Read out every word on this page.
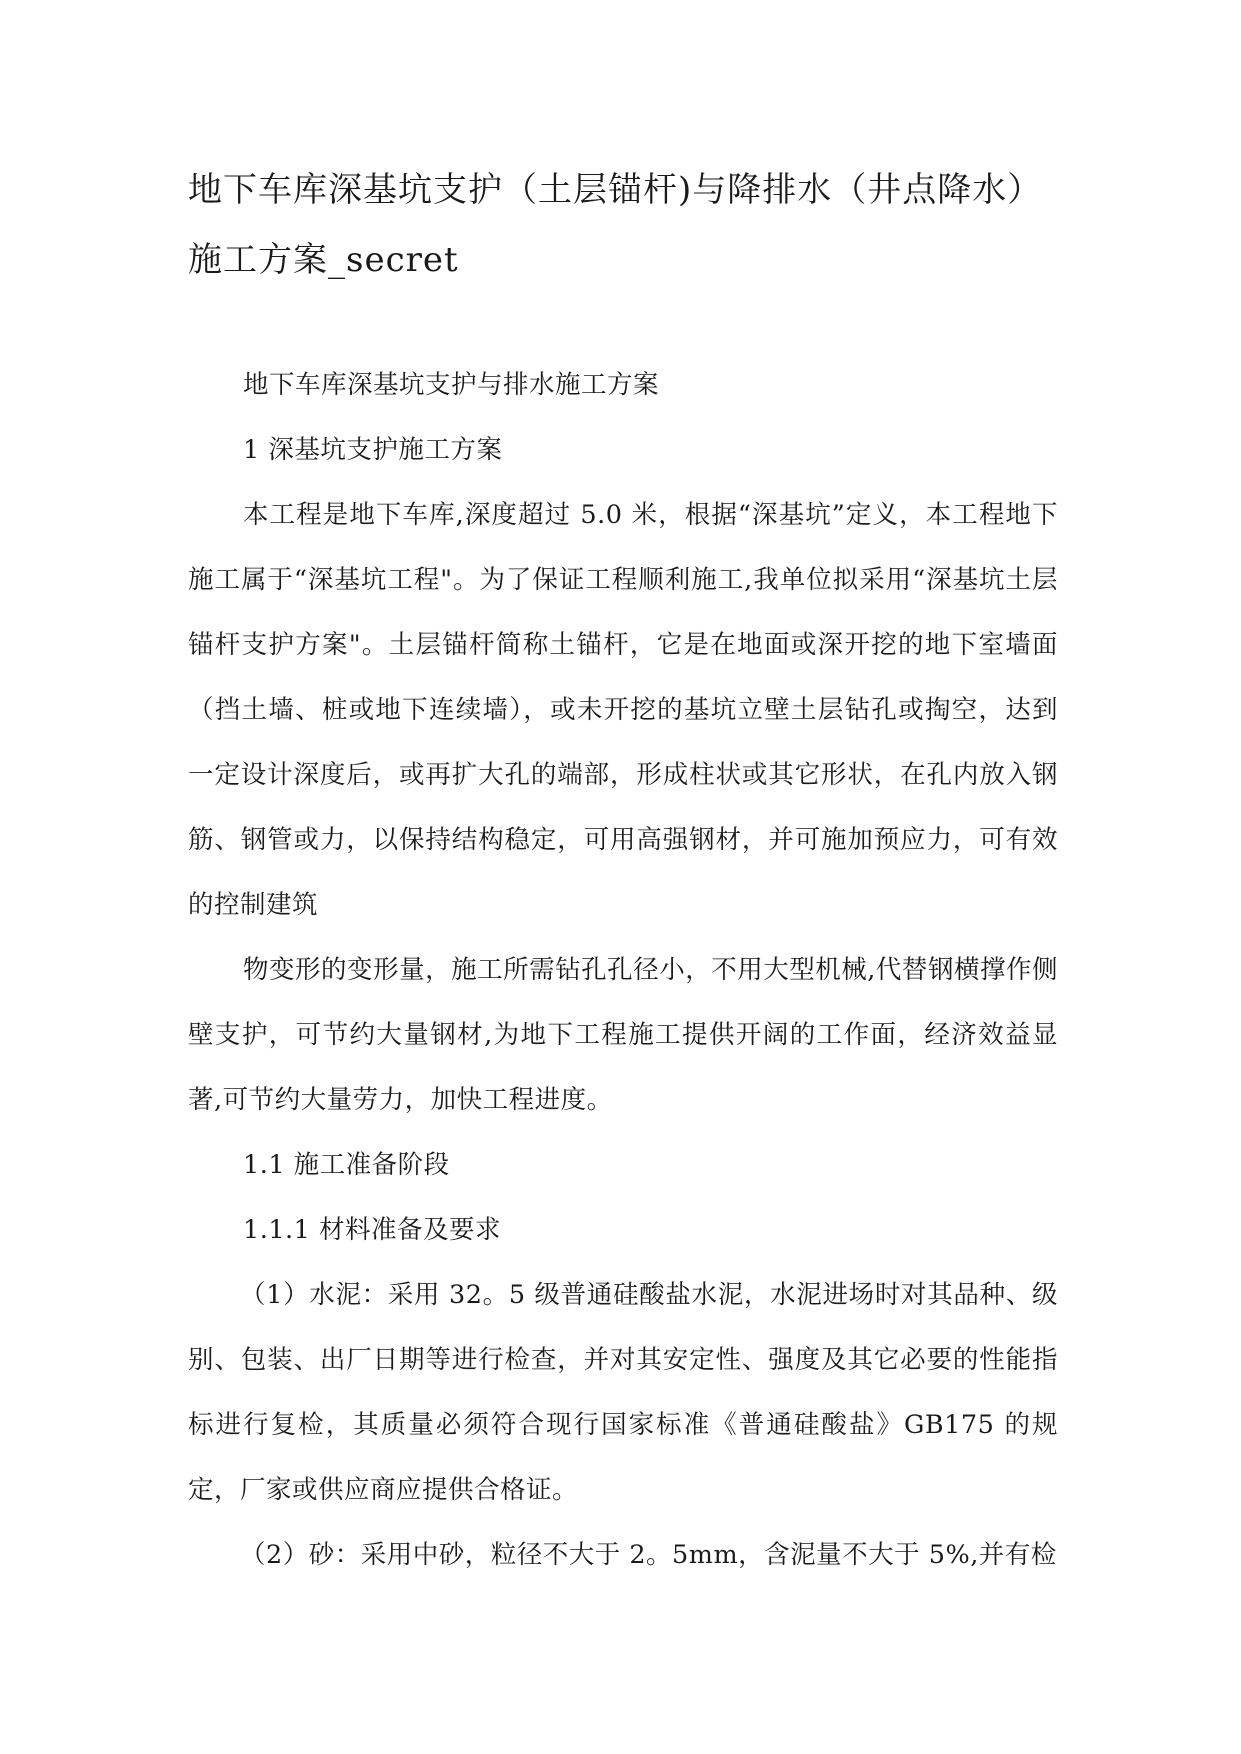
地下车库深基坑支护（土层锚杆)与降排水（井点降水）施工方案_secret

地下车库深基坑支护与排水施工方案

1 深基坑支护施工方案

本工程是地下车库,深度超过 5.0 米，根据“深基坑”定义，本工程地下施工属于“深基坑工程"。为了保证工程顺利施工,我单位拟采用“深基坑土层锚杆支护方案"。土层锚杆简称土锚杆，它是在地面或深开挖的地下室墙面（挡土墙、桩或地下连续墙），或未开挖的基坑立壁土层钻孔或掏空，达到一定设计深度后，或再扩大孔的端部，形成柱状或其它形状，在孔内放入钢筋、钢管或力，以保持结构稳定，可用高强钢材，并可施加预应力，可有效的控制建筑

物变形的变形量，施工所需钻孔孔径小，不用大型机械,代替钢横撑作侧壁支护，可节约大量钢材,为地下工程施工提供开阔的工作面，经济效益显著,可节约大量劳力，加快工程进度。

1.1 施工准备阶段

1.1.1 材料准备及要求

（1）水泥：采用 32。5 级普通硅酸盐水泥，水泥进场时对其品种、级别、包装、出厂日期等进行检查，并对其安定性、强度及其它必要的性能指标进行复检，其质量必须符合现行国家标准《普通硅酸盐》GB175 的规定，厂家或供应商应提供合格证。

（2）砂：采用中砂，粒径不大于 2。5mm，含泥量不大于 5%,并有检
